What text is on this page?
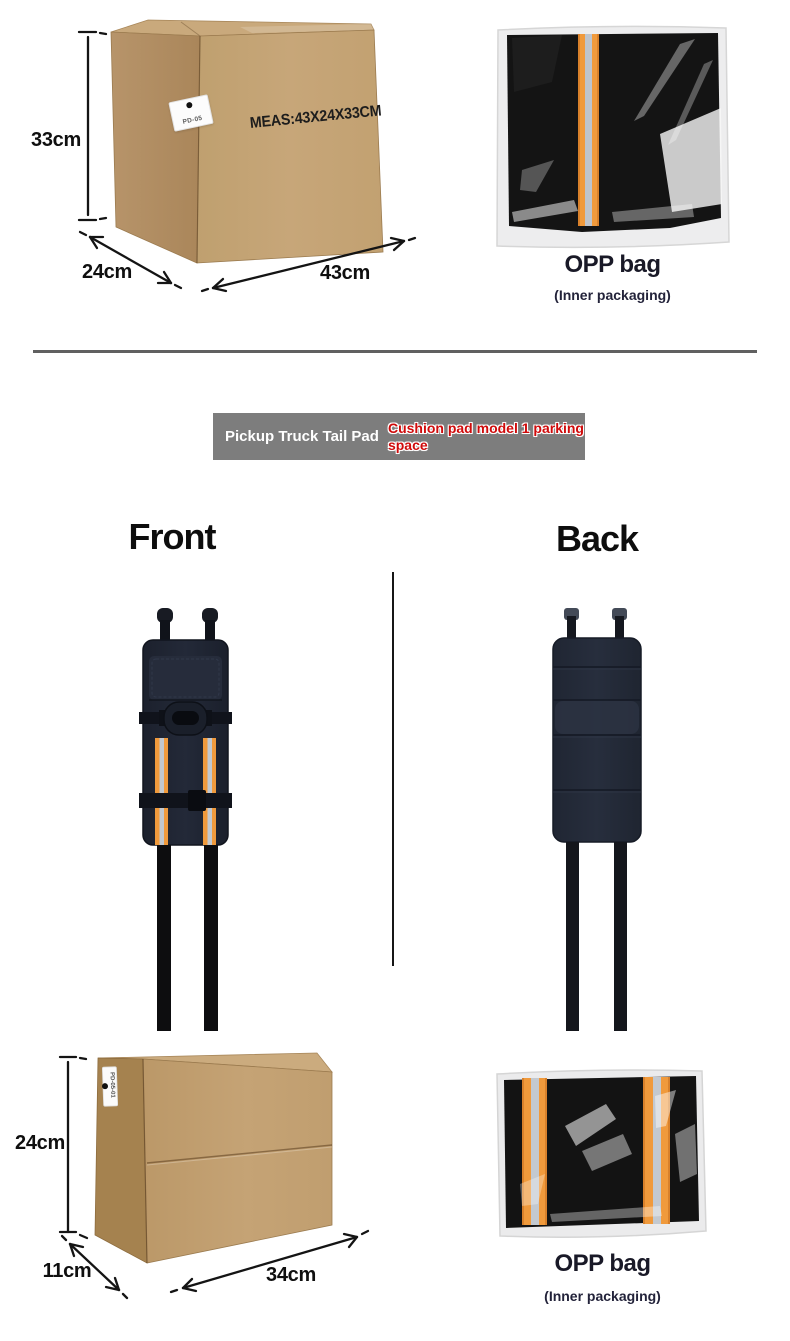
33cm
24cm	43cm
MEAS:43X24X33CM
PD-05
OPP bag
(Inner packaging)
Pickup Truck Tail Pad Cushion pad model 1 parking space
Front	Back
PD-05-01
24cm
11cm	34cm	OPP bag
(Inner packaging)
